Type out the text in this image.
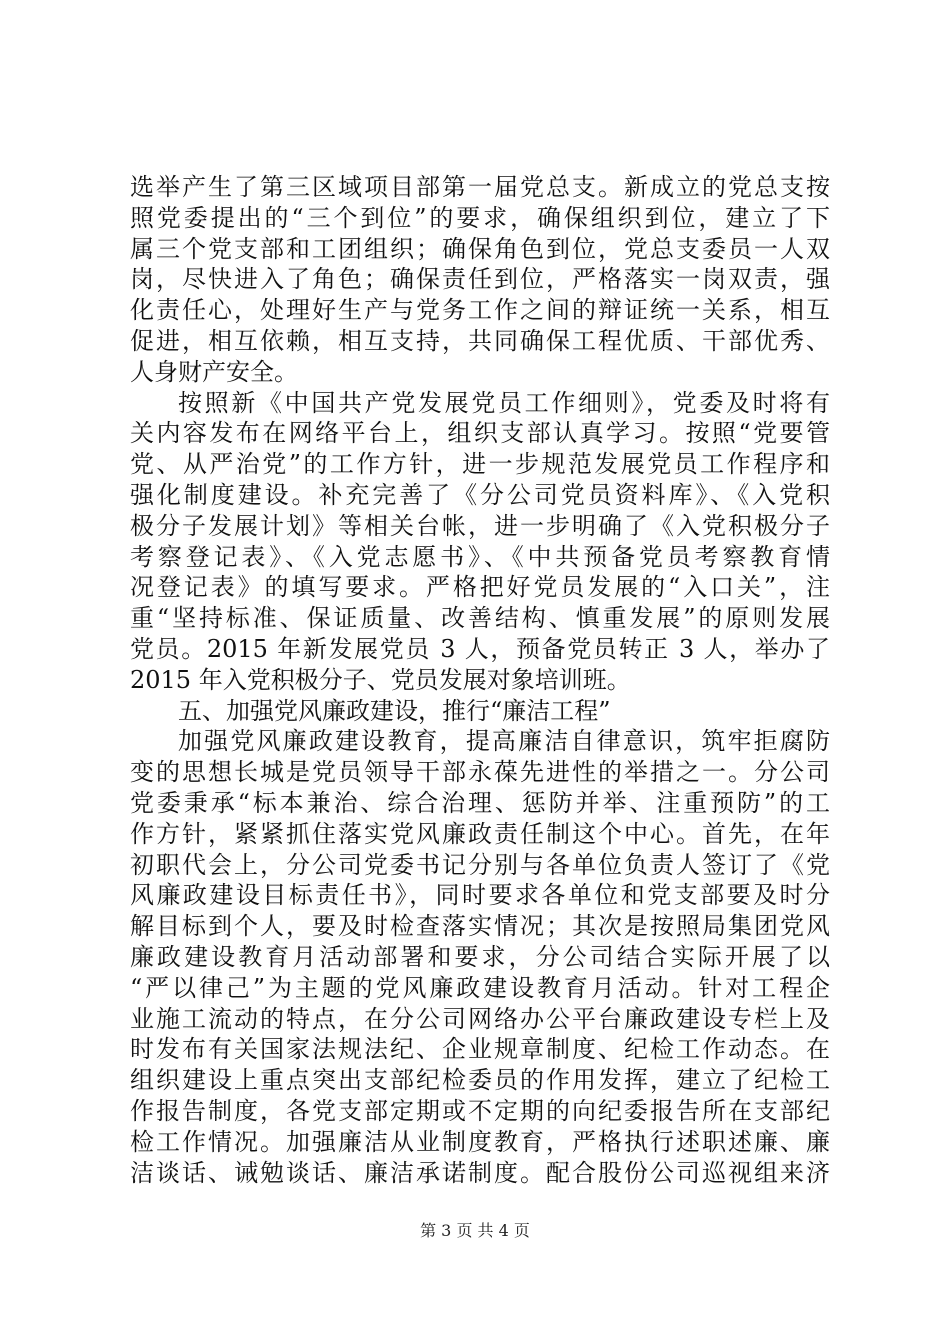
选举产生了第三区域项目部第一届党总支。新成立的党总支按
照党委提出的“三个到位”的要求，确保组织到位，建立了下
属三个党支部和工团组织；确保角色到位，党总支委员一人双
岗，尽快进入了角色；确保责任到位，严格落实一岗双责，强
化责任心，处理好生产与党务工作之间的辩证统一关系，相互
促进，相互依赖，相互支持，共同确保工程优质、干部优秀、
人身财产安全。
按照新《中国共产党发展党员工作细则》，党委及时将有
关内容发布在网络平台上，组织支部认真学习。按照“党要管
党、从严治党”的工作方针，进一步规范发展党员工作程序和
强化制度建设。补充完善了《分公司党员资料库》、《入党积
极分子发展计划》等相关台帐，进一步明确了《入党积极分子
考察登记表》、《入党志愿书》、《中共预备党员考察教育情
况登记表》的填写要求。严格把好党员发展的“入口关”，注
重“坚持标准、保证质量、改善结构、慎重发展”的原则发展
党员。2015 年新发展党员 3 人，预备党员转正 3 人，举办了
2015 年入党积极分子、党员发展对象培训班。
五、加强党风廉政建设，推行“廉洁工程”
加强党风廉政建设教育，提高廉洁自律意识，筑牢拒腐防
变的思想长城是党员领导干部永葆先进性的举措之一。分公司
党委秉承“标本兼治、综合治理、惩防并举、注重预防”的工
作方针，紧紧抓住落实党风廉政责任制这个中心。首先，在年
初职代会上，分公司党委书记分别与各单位负责人签订了《党
风廉政建设目标责任书》，同时要求各单位和党支部要及时分
解目标到个人，要及时检查落实情况；其次是按照局集团党风
廉政建设教育月活动部署和要求，分公司结合实际开展了以
“严以律己”为主题的党风廉政建设教育月活动。针对工程企
业施工流动的特点，在分公司网络办公平台廉政建设专栏上及
时发布有关国家法规法纪、企业规章制度、纪检工作动态。在
组织建设上重点突出支部纪检委员的作用发挥，建立了纪检工
作报告制度，各党支部定期或不定期的向纪委报告所在支部纪
检工作情况。加强廉洁从业制度教育，严格执行述职述廉、廉
洁谈话、诫勉谈话、廉洁承诺制度。配合股份公司巡视组来济
第 3 页 共 4 页
